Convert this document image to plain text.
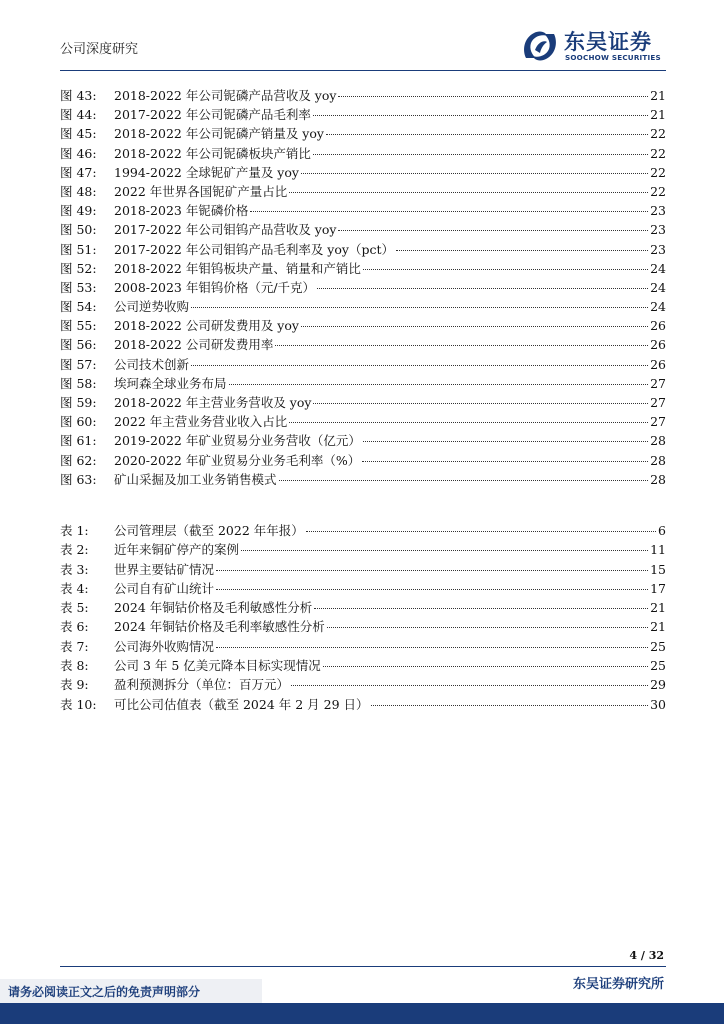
公司深度研究	东吴证券
SOOCHOW SECURITIES
图 43:	2018-2022 年公司铌磷产品营收及 yoy	21
图 44:	2017-2022 年公司铌磷产品毛利率	21
图 45:	2018-2022 年公司铌磷产销量及 yoy	22
图 46:	2018-2022 年公司铌磷板块产销比	22
图 47:	1994-2022 全球铌矿产量及 yoy	22
图 48:	2022 年世界各国铌矿产量占比	22
图 49:	2018-2023 年铌磷价格	23
图 50:	2017-2022 年公司钼钨产品营收及 yoy	23
图 51:	2017-2022 年公司钼钨产品毛利率及 yoy（pct）	23
图 52:	2018-2022 年钼钨板块产量、销量和产销比	24
图 53:	2008-2023 年钼钨价格（元/千克）	24
图 54:	公司逆势收购	24
图 55:	2018-2022 公司研发费用及 yoy	26
图 56:	2018-2022 公司研发费用率	26
图 57:	公司技术创新	26
图 58:	埃珂森全球业务布局	27
图 59:	2018-2022 年主营业务营收及 yoy	27
图 60:	2022 年主营业务营业收入占比	27
图 61:	2019-2022 年矿业贸易分业务营收（亿元）	28
图 62:	2020-2022 年矿业贸易分业务毛利率（%）	28
图 63:	矿山采掘及加工业务销售模式	28
表 1:	公司管理层（截至 2022 年年报）	6
表 2:	近年来铜矿停产的案例	11
表 3:	世界主要钴矿情况	15
表 4:	公司自有矿山统计	17
表 5:	2024 年铜钴价格及毛利敏感性分析	21
表 6:	2024 年铜钴价格及毛利率敏感性分析	21
表 7:	公司海外收购情况	25
表 8:	公司 3 年 5 亿美元降本目标实现情况	25
表 9:	盈利预测拆分（单位：百万元）	29
表 10:	可比公司估值表（截至 2024 年 2 月 29 日）	30
4 / 32
东吴证券研究所
请务必阅读正文之后的免责声明部分
